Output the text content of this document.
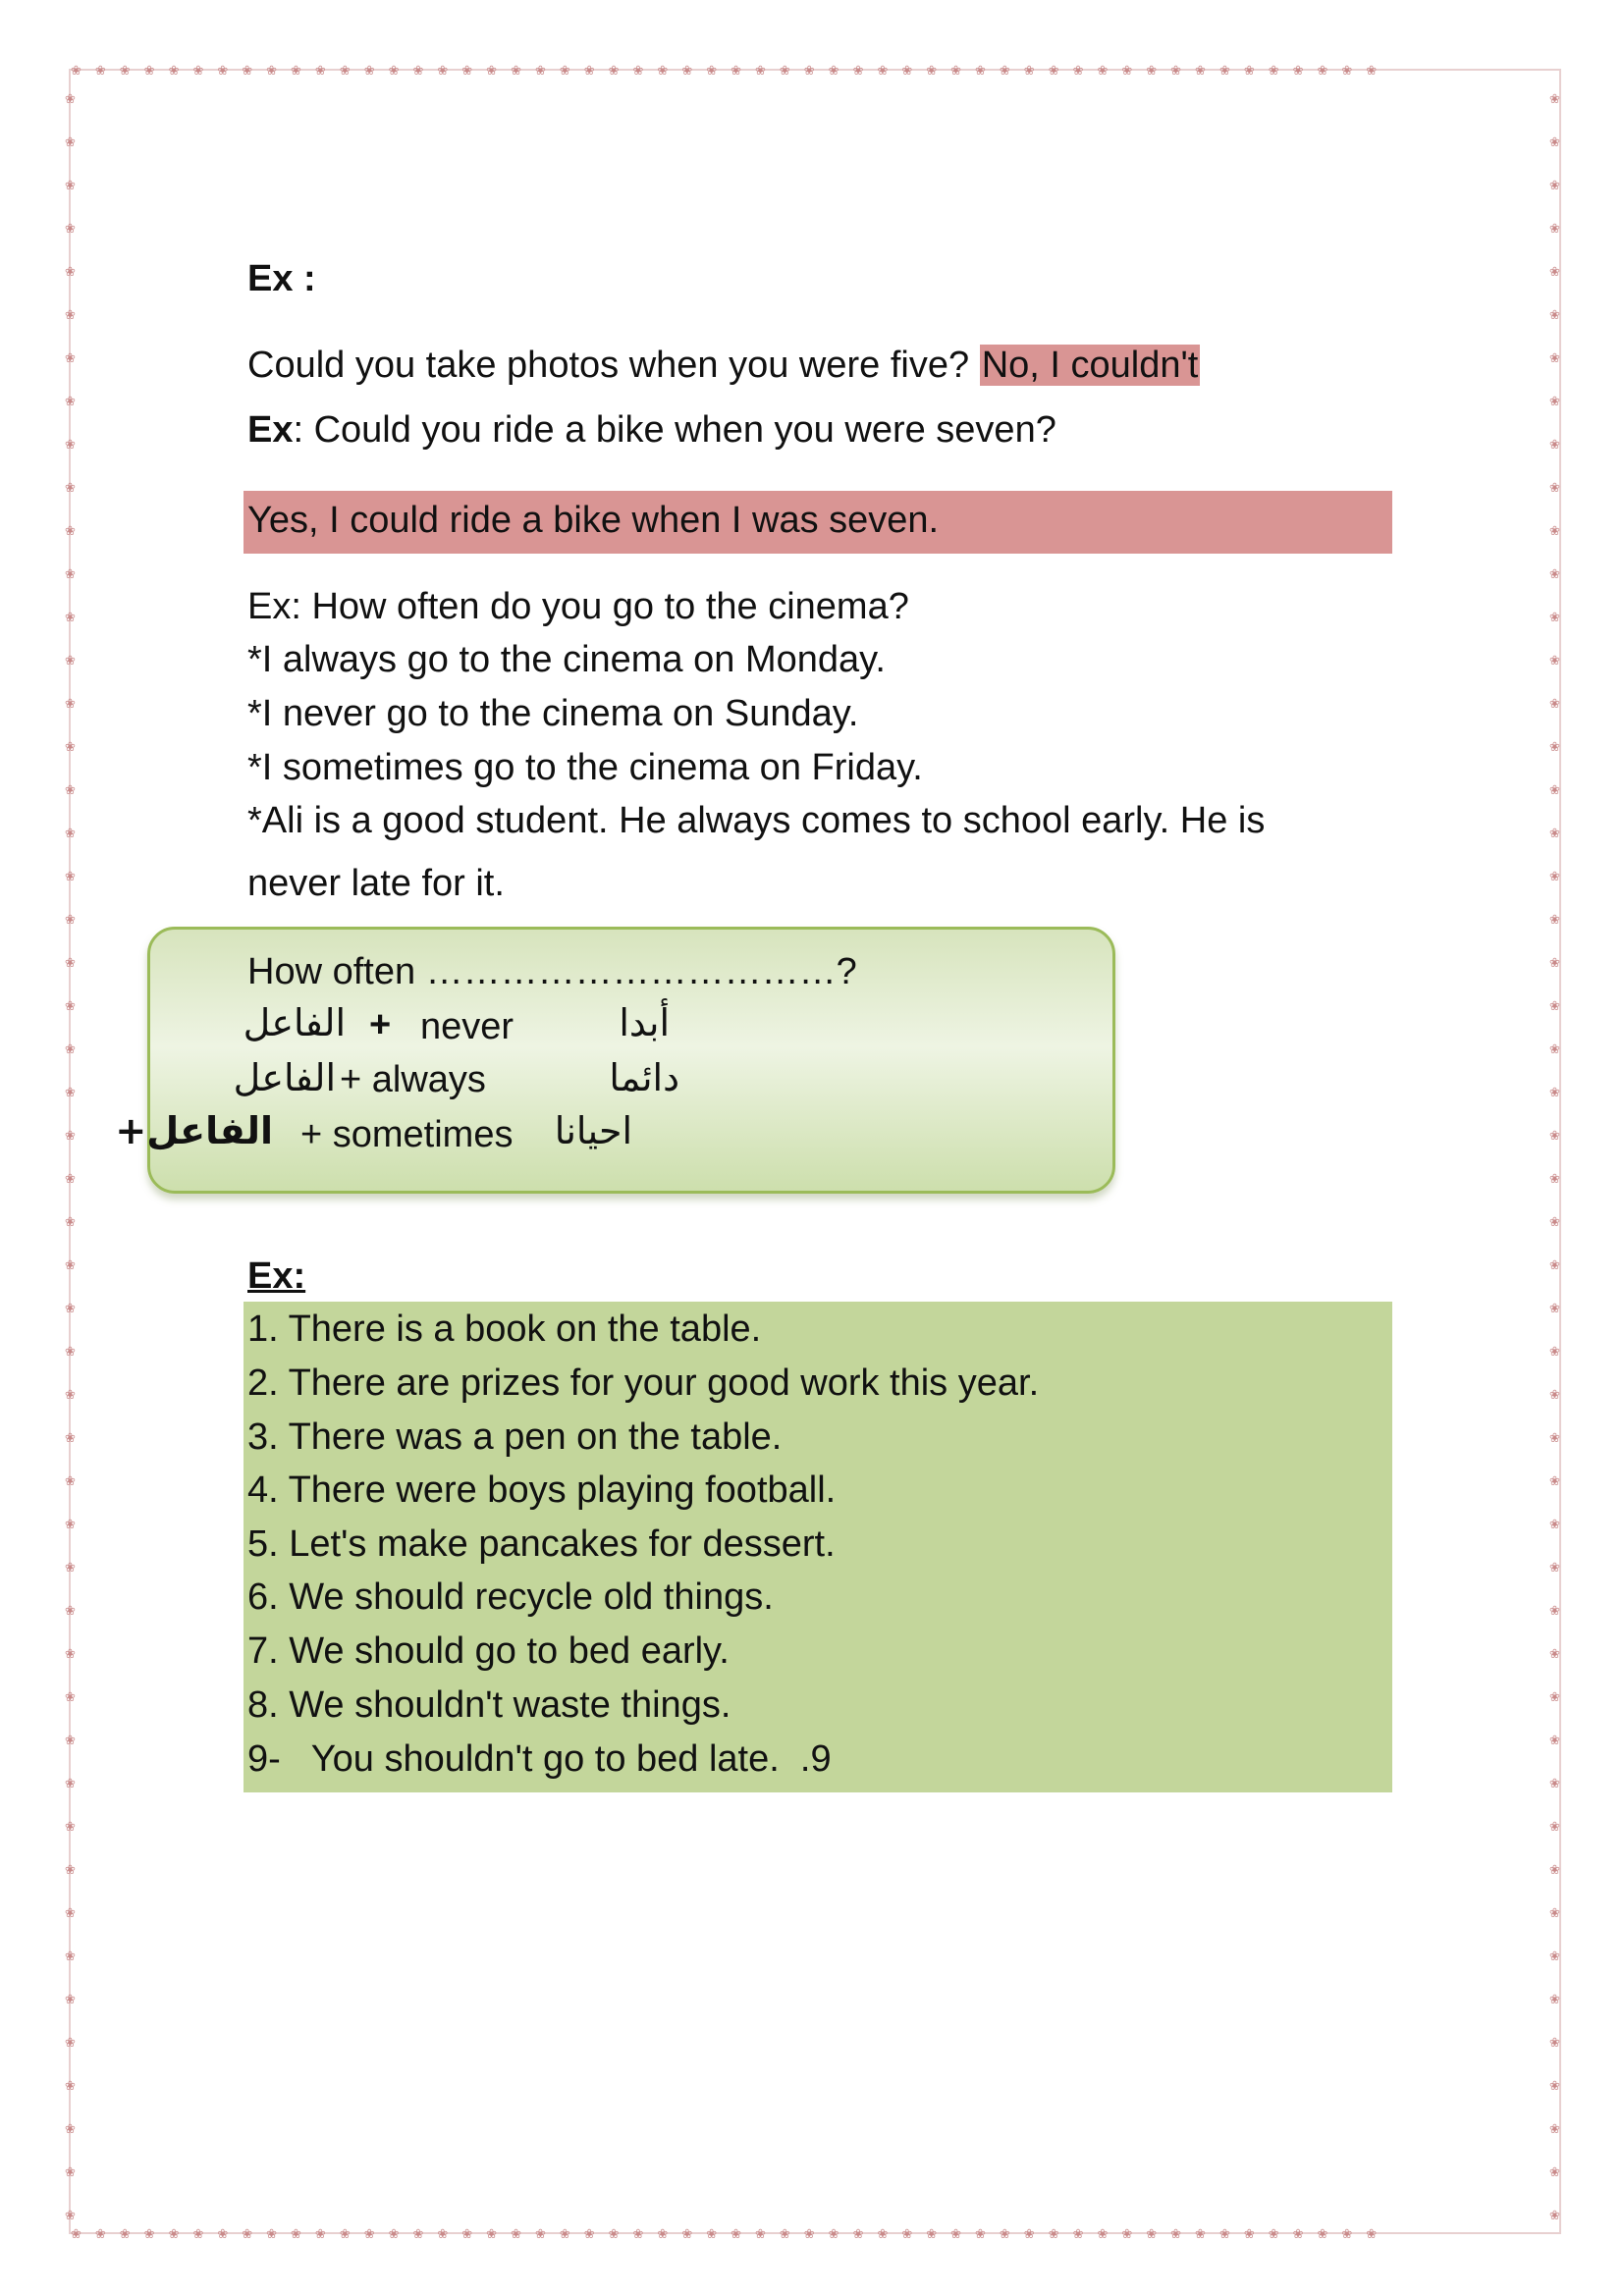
❀❀❀❀❀❀❀❀❀❀❀❀❀❀❀❀❀❀❀❀❀❀❀❀❀❀❀❀❀❀❀❀❀❀❀❀❀❀❀❀❀❀❀❀❀❀❀❀❀❀❀❀❀❀
❀❀❀❀❀❀❀❀❀❀❀❀❀❀❀❀❀❀❀❀❀❀❀❀❀❀❀❀❀❀❀❀❀❀❀❀❀❀❀❀❀❀❀❀❀❀❀❀❀❀❀❀❀❀
❀ ❀ ❀ ❀ ❀ ❀ ❀ ❀ ❀ ❀ ❀ ❀ ❀ ❀ ❀ ❀ ❀ ❀ ❀ ❀ ❀ ❀ ❀ ❀ ❀ ❀ ❀ ❀ ❀ ❀ ❀ ❀ ❀ ❀ ❀ ❀ ❀ ❀ ❀ ❀ ❀ ❀ ❀ ❀ ❀ ❀ ❀ ❀ ❀ ❀
❀ ❀ ❀ ❀ ❀ ❀ ❀ ❀ ❀ ❀ ❀ ❀ ❀ ❀ ❀ ❀ ❀ ❀ ❀ ❀ ❀ ❀ ❀ ❀ ❀ ❀ ❀ ❀ ❀ ❀ ❀ ❀ ❀ ❀ ❀ ❀ ❀ ❀ ❀ ❀ ❀ ❀ ❀ ❀ ❀ ❀ ❀ ❀ ❀ ❀
Ex :
Could you take photos when you were five? No, I couldn't
Ex: Could you ride a bike when you were seven?
Yes, I could ride a bike when I was seven.
Ex: How often do you go to the cinema?
*I always go to the cinema on Monday.
*I never go to the cinema on Sunday.
*I sometimes go to the cinema on Friday.
*Ali is a good student. He always comes to school early. He is
never late for it.
How often ……………………………?
الفاعل + never	أبدا
الفاعل + always	دائما
الفاعل+ + sometimes احيانا
Ex:
1. There is a book on the table.
2. There are prizes for your good work this year.
3. There was a pen on the table.
4. There were boys playing football.
5. Let's make pancakes for dessert.
6. We should recycle old things.
7. We should go to bed early.
8. We shouldn't waste things.
9-   You shouldn't go to bed late.  .9
